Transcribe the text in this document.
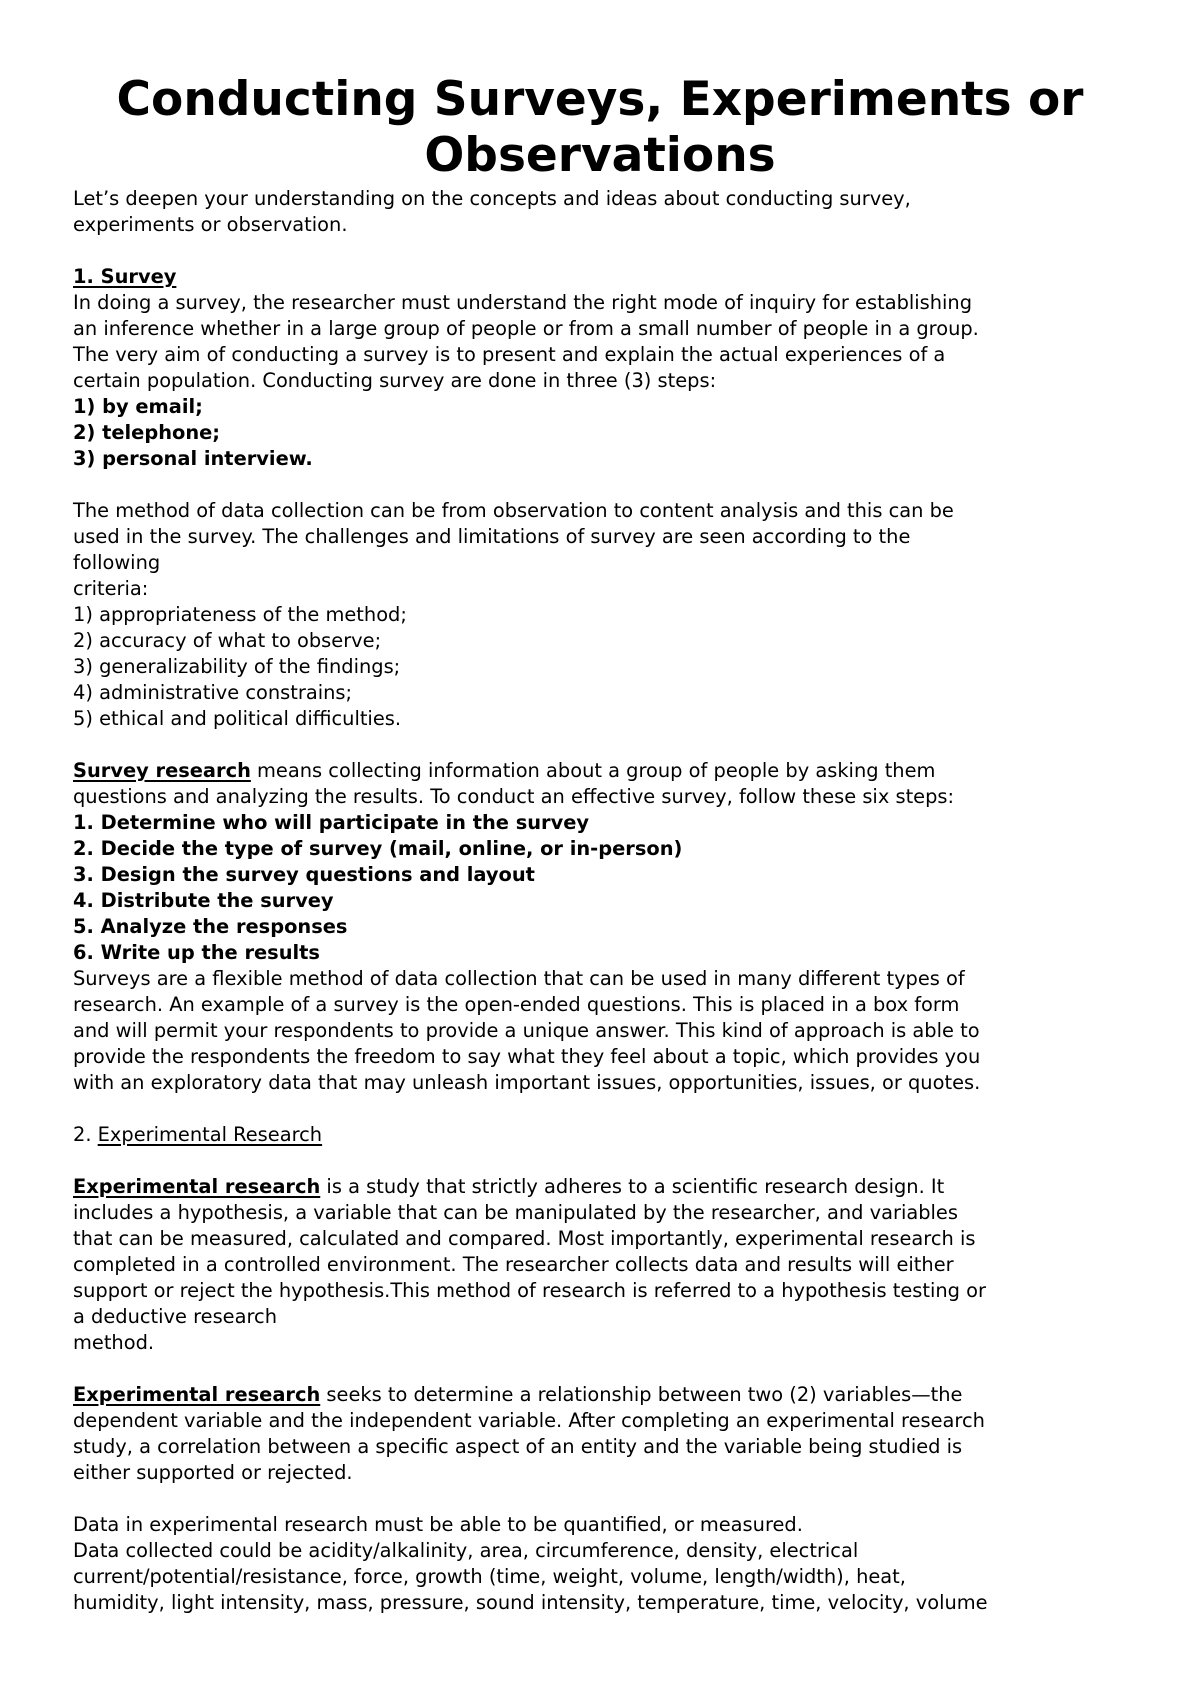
Conducting Surveys, Experiments or
Observations

Let’s deepen your understanding on the concepts and ideas about conducting survey,

experiments or observation.

1. Survey

In doing a survey, the researcher must understand the right mode of inquiry for establishing

an inference whether in a large group of people or from a small number of people in a group.

The very aim of conducting a survey is to present and explain the actual experiences of a

certain population. Conducting survey are done in three (3) steps:

1) by email;

2) telephone;

3) personal interview.

The method of data collection can be from observation to content analysis and this can be

used in the survey. The challenges and limitations of survey are seen according to the

following

criteria:

1) appropriateness of the method;

2) accuracy of what to observe;

3) generalizability of the findings;

4) administrative constrains;

5) ethical and political difficulties.

Survey research means collecting information about a group of people by asking them

questions and analyzing the results. To conduct an effective survey, follow these six steps:

1. Determine who will participate in the survey

2. Decide the type of survey (mail, online, or in-person)

3. Design the survey questions and layout

4. Distribute the survey

5. Analyze the responses

6. Write up the results

Surveys are a flexible method of data collection that can be used in many different types of

research. An example of a survey is the open-ended questions. This is placed in a box form

and will permit your respondents to provide a unique answer. This kind of approach is able to

provide the respondents the freedom to say what they feel about a topic, which provides you

with an exploratory data that may unleash important issues, opportunities, issues, or quotes.

2. Experimental Research

Experimental research is a study that strictly adheres to a scientific research design. It

includes a hypothesis, a variable that can be manipulated by the researcher, and variables

that can be measured, calculated and compared. Most importantly, experimental research is

completed in a controlled environment. The researcher collects data and results will either

support or reject the hypothesis.This method of research is referred to a hypothesis testing or

a deductive research

method.

Experimental research seeks to determine a relationship between two (2) variables—the

dependent variable and the independent variable. After completing an experimental research

study, a correlation between a specific aspect of an entity and the variable being studied is

either supported or rejected.

Data in experimental research must be able to be quantified, or measured.

Data collected could be acidity/alkalinity, area, circumference, density, electrical

current/potential/resistance, force, growth (time, weight, volume, length/width), heat,

humidity, light intensity, mass, pressure, sound intensity, temperature, time, velocity, volume
